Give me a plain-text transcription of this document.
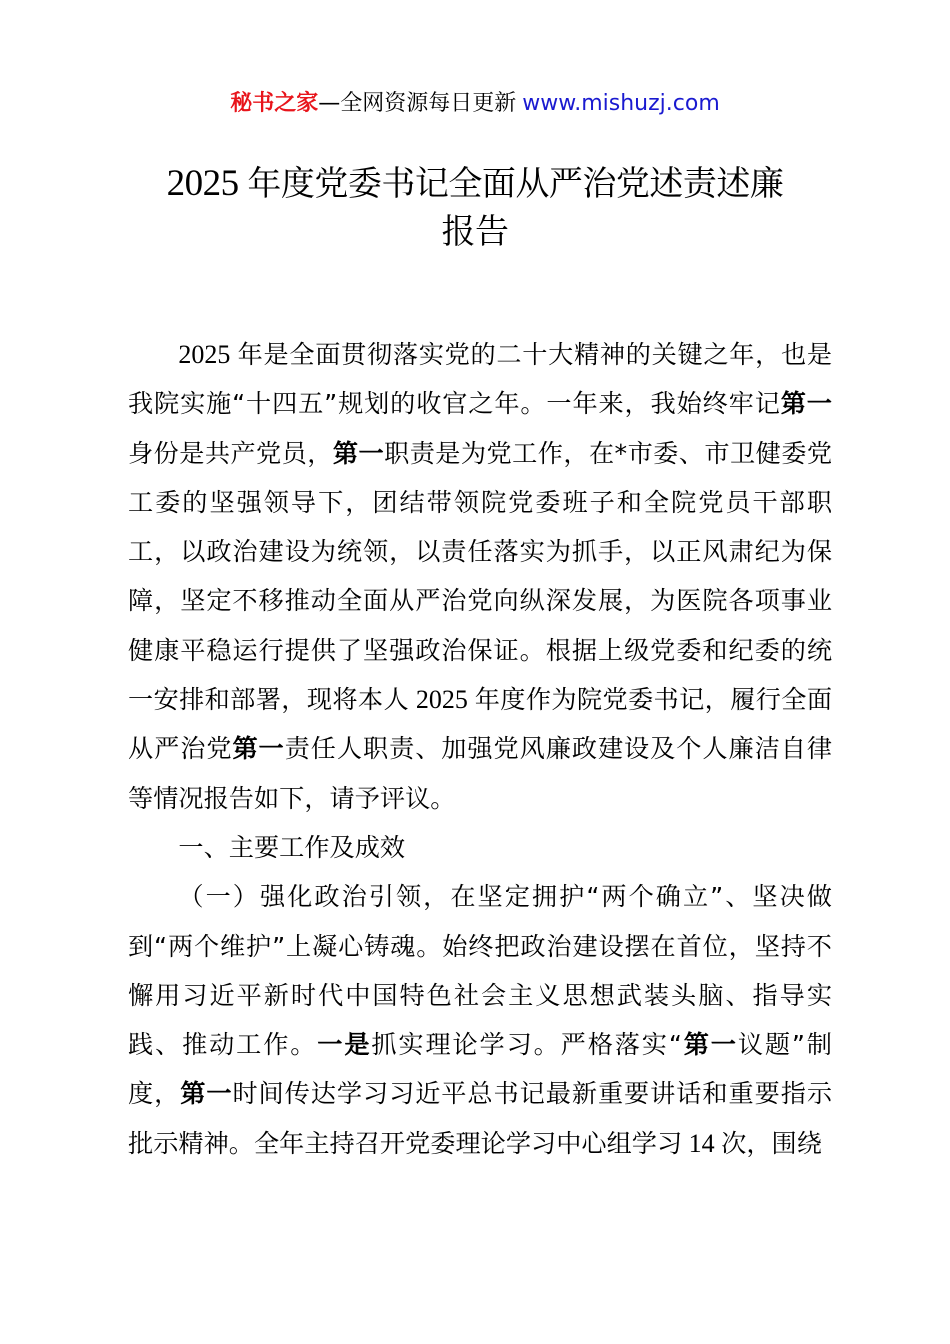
秘书之家—全网资源每日更新 www.mishuzj.com
2025 年度党委书记全面从严治党述责述廉报告

2025 年是全面贯彻落实党的二十大精神的关键之年，也是我院实施“十四五”规划的收官之年。一年来，我始终牢记第一身份是共产党员，第一职责是为党工作，在*市委、市卫健委党工委的坚强领导下，团结带领院党委班子和全院党员干部职工，以政治建设为统领，以责任落实为抓手，以正风肃纪为保障，坚定不移推动全面从严治党向纵深发展，为医院各项事业健康平稳运行提供了坚强政治保证。根据上级党委和纪委的统一安排和部署，现将本人 2025 年度作为院党委书记，履行全面从严治党第一责任人职责、加强党风廉政建设及个人廉洁自律等情况报告如下，请予评议。

一、主要工作及成效

（一）强化政治引领，在坚定拥护“两个确立”、坚决做到“两个维护”上凝心铸魂。始终把政治建设摆在首位，坚持不懈用习近平新时代中国特色社会主义思想武装头脑、指导实践、推动工作。一是抓实理论学习。严格落实“第一议题”制度，第一时间传达学习习近平总书记最新重要讲话和重要指示批示精神。全年主持召开党委理论学习中心组学习 14 次，围绕
